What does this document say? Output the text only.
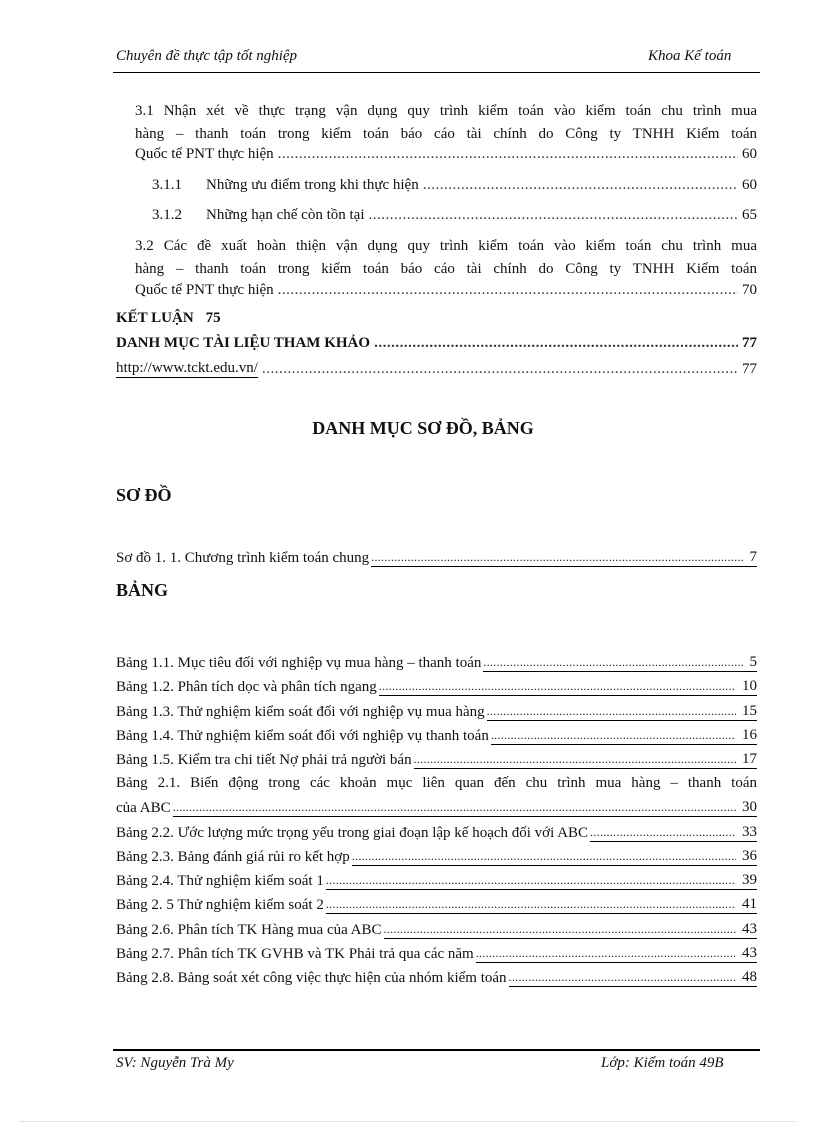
Chuyên đề thực tập tốt nghiệp	Khoa Kế toán
3.1 Nhận xét về thực trạng vận dụng quy trình kiểm toán vào kiểm toán chu trình mua
hàng – thanh toán trong kiểm toán báo cáo tài chính do Công ty TNHH Kiểm toán
Quốc tế PNT thực hiện .....	60
3.1.1	Những ưu điểm trong khi thực hiện .....	60
3.1.2	Những hạn chế còn tồn tại .....	65
3.2 Các đề xuất hoàn thiện vận dụng quy trình kiểm toán vào kiểm toán chu trình mua
hàng – thanh toán trong kiểm toán báo cáo tài chính do Công ty TNHH Kiểm toán
Quốc tế PNT thực hiện .....	70
KẾT LUẬN 75
DANH MỤC TÀI LIỆU THAM KHẢO .....	77
http://www.tckt.edu.vn/ .....	77
DANH MỤC SƠ ĐỒ, BẢNG
SƠ ĐỒ
Sơ đồ 1. 1. Chương trình kiểm toán chung .....	7
BẢNG
Bảng 1.1. Mục tiêu đối với nghiệp vụ mua hàng – thanh toán .....	5
Bảng 1.2. Phân tích dọc và phân tích ngang .....	10
Bảng 1.3. Thử nghiệm kiểm soát đối với nghiệp vụ mua hàng .....	15
Bảng 1.4. Thử nghiệm kiểm soát đối với nghiệp vụ thanh toán .....	16
Bảng 1.5. Kiểm tra chi tiết Nợ phải trả người bán .....	17
Bảng 2.1. Biến động trong các khoản mục liên quan đến chu trình mua hàng – thanh toán
của ABC .....	30
Bảng 2.2. Ước lượng mức trọng yếu trong giai đoạn lập kế hoạch đối với ABC .....	33
Bảng 2.3. Bảng đánh giá rủi ro kết hợp .....	36
Bảng 2.4. Thử nghiệm kiểm soát 1 .....	39
Bảng 2. 5 Thử nghiệm kiểm soát 2 .....	41
Bảng 2.6. Phân tích TK Hàng mua của ABC .....	43
Bảng 2.7. Phân tích TK GVHB và TK Phải trả qua các năm .....	43
Bảng 2.8. Bảng soát xét công việc thực hiện của nhóm kiểm toán .....	48
SV: Nguyễn Trà My	Lớp: Kiểm toán 49B
